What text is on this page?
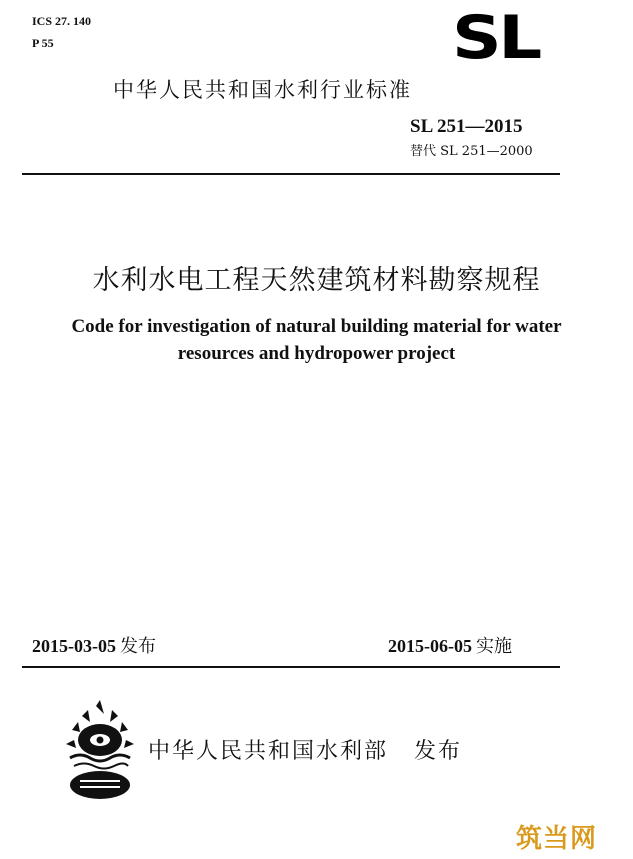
ICS 27. 140
P 55	SL
中华人民共和国水利行业标准
SL 251—2015
替代 SL 251—2000
水利水电工程天然建筑材料勘察规程
Code for investigation of natural building material for water
resources and hydropower project
2015-03-05 发布	2015-06-05 实施
中华人民共和国水利部 发布
筑当网
